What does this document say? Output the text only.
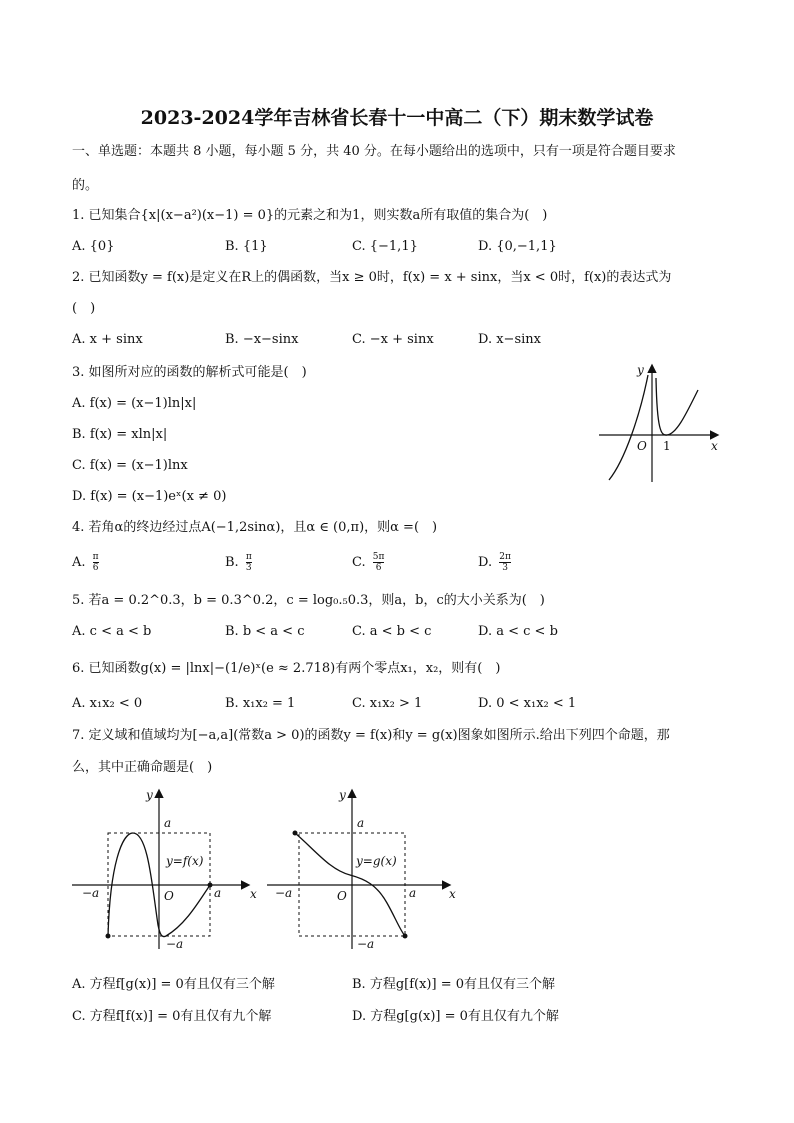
2023-2024学年吉林省长春十一中高二（下）期末数学试卷
一、单选题：本题共 8 小题，每小题 5 分，共 40 分。在每小题给出的选项中，只有一项是符合题目要求
的。
1. 已知集合{x|(x−a²)(x−1) = 0}的元素之和为1，则实数a所有取值的集合为(　)
A. {0}	B. {1}	C. {−1,1}	D. {0,−1,1}
2. 已知函数y = f(x)是定义在R上的偶函数，当x ≥ 0时，f(x) = x + sinx，当x < 0时，f(x)的表达式为
(　)
A. x + sinx	B. −x−sinx	C. −x + sinx	D. x−sinx
3. 如图所对应的函数的解析式可能是(　)
A. f(x) = (x−1)ln|x|
B. f(x) = xln|x|
C. f(x) = (x−1)lnx
D. f(x) = (x−1)eˣ(x ≠ 0)
y
x
O 1
4. 若角α的终边经过点A(−1,2sinα)，且α ∈ (0,π)，则α =(　)
A. $\frac{\pi}{6}$	B. $\frac{\pi}{3}$	C. $\frac{5\pi}{6}$	D. $\frac{2\pi}{3}$
5. 若a = 0.2^0.3，b = 0.3^0.2，c = log₀.₅0.3，则a，b，c的大小关系为(　)
A. c < a < b	B. b < a < c	C. a < b < c	D. a < c < b
6. 已知函数g(x) = |lnx|−(1/e)ˣ(e ≈ 2.718)有两个零点x₁，x₂，则有(　)
A. x₁x₂ < 0	B. x₁x₂ = 1	C. x₁x₂ > 1	D. 0 < x₁x₂ < 1
7. 定义域和值域均为[−a,a](常数a > 0)的函数y = f(x)和y = g(x)图象如图所示.给出下列四个命题，那
么，其中正确命题是(　)
y
x
O
a
a
−a
−a
y=f(x)
y
x
O
a
a
−a
−a
y=g(x)
A. 方程f[g(x)] = 0有且仅有三个解	B. 方程g[f(x)] = 0有且仅有三个解
C. 方程f[f(x)] = 0有且仅有九个解	D. 方程g[g(x)] = 0有且仅有九个解
